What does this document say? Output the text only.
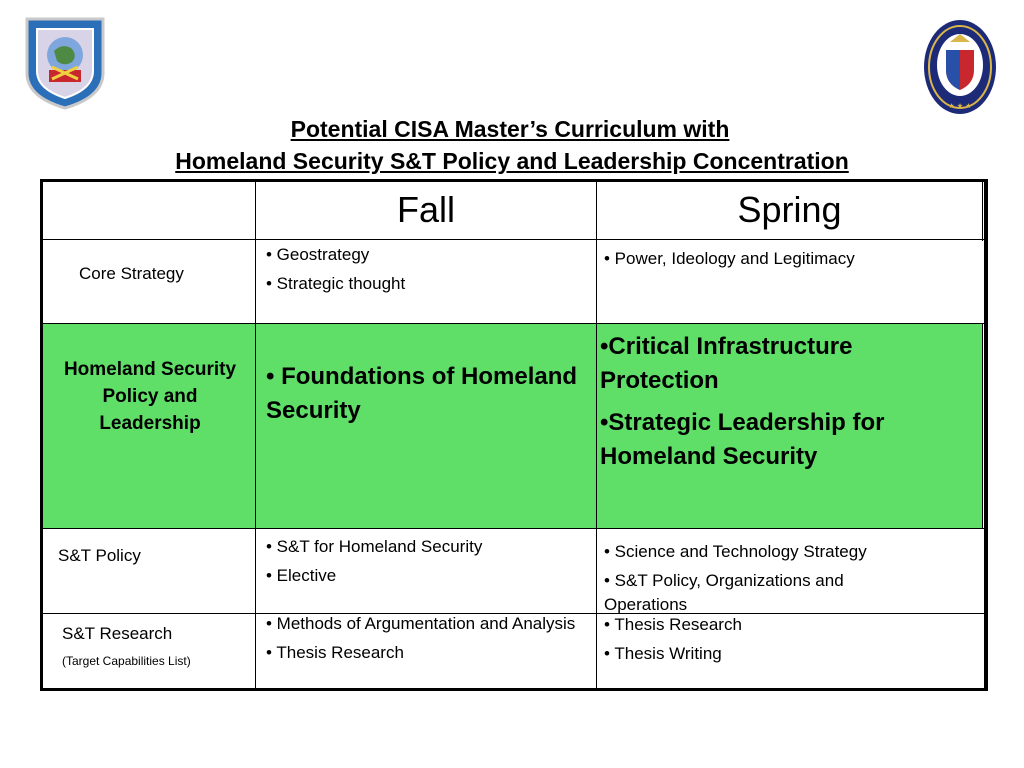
★ ★ ★
Potential CISA Master’s Curriculum with
Homeland Security S&T Policy and Leadership Concentration
Fall	Spring
Core Strategy
• Geostrategy
• Strategic thought
• Power, Ideology and Legitimacy
Homeland Security Policy and Leadership
• Foundations of Homeland Security
•Critical Infrastructure Protection
•Strategic Leadership for Homeland Security
S&T Policy	• S&T for Homeland Security
• Elective
• Science and Technology Strategy
• S&T Policy, Organizations and Operations
S&T Research
(Target Capabilities List)
• Methods of Argumentation and Analysis
• Thesis Research
• Thesis Research
• Thesis Writing
